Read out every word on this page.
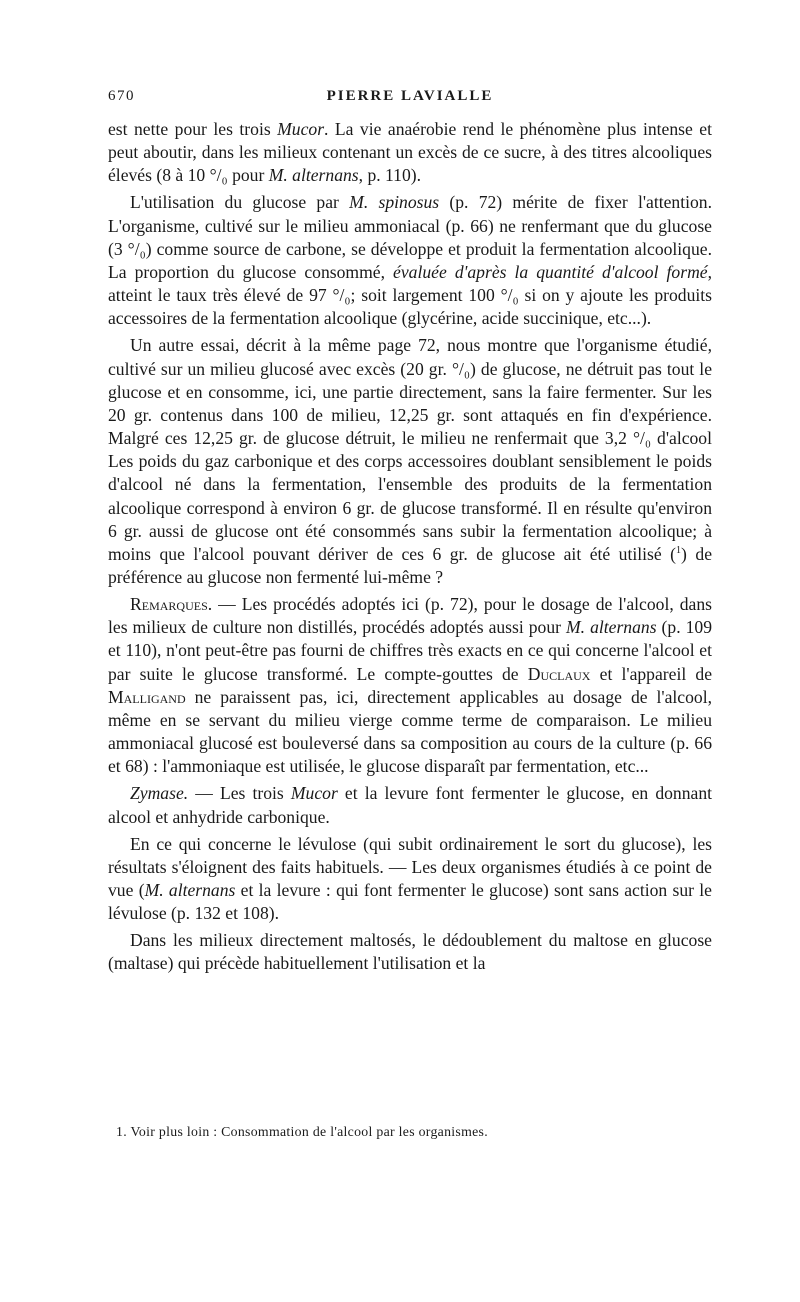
670	PIERRE LAVIALLE

est nette pour les trois Mucor. La vie anaérobie rend le phénomène plus intense et peut aboutir, dans les milieux contenant un excès de ce sucre, à des titres alcooliques élevés (8 à 10 °/₀ pour M. alternans, p. 110).

L'utilisation du glucose par M. spinosus (p. 72) mérite de fixer l'attention. L'organisme, cultivé sur le milieu ammoniacal (p. 66) ne renfermant que du glucose (3 °/₀) comme source de carbone, se développe et produit la fermentation alcoolique. La proportion du glucose consommé, évaluée d'après la quantité d'alcool formé, atteint le taux très élevé de 97 °/₀; soit largement 100 °/₀ si on y ajoute les produits accessoires de la fermentation alcoolique (glycérine, acide succinique, etc...).

Un autre essai, décrit à la même page 72, nous montre que l'organisme étudié, cultivé sur un milieu glucosé avec excès (20 gr. °/₀) de glucose, ne détruit pas tout le glucose et en consomme, ici, une partie directement, sans la faire fermenter. Sur les 20 gr. contenus dans 100 de milieu, 12,25 gr. sont attaqués en fin d'expérience. Malgré ces 12,25 gr. de glucose détruit, le milieu ne renfermait que 3,2 °/₀ d'alcool Les poids du gaz carbonique et des corps accessoires doublant sensiblement le poids d'alcool né dans la fermentation, l'ensemble des produits de la fermentation alcoolique correspond à environ 6 gr. de glucose transformé. Il en résulte qu'environ 6 gr. aussi de glucose ont été consommés sans subir la fermentation alcoolique; à moins que l'alcool pouvant dériver de ces 6 gr. de glucose ait été utilisé ($^1$) de préférence au glucose non fermenté lui-même ?

Remarques. — Les procédés adoptés ici (p. 72), pour le dosage de l'alcool, dans les milieux de culture non distillés, procédés adoptés aussi pour M. alternans (p. 109 et 110), n'ont peut-être pas fourni de chiffres très exacts en ce qui concerne l'alcool et par suite le glucose transformé. Le compte-gouttes de Duclaux et l'appareil de Malligand ne paraissent pas, ici, directement applicables au dosage de l'alcool, même en se servant du milieu vierge comme terme de comparaison. Le milieu ammoniacal glucosé est bouleversé dans sa composition au cours de la culture (p. 66 et 68) : l'ammoniaque est utilisée, le glucose disparaît par fermentation, etc...

Zymase. — Les trois Mucor et la levure font fermenter le glucose, en donnant alcool et anhydride carbonique.

En ce qui concerne le lévulose (qui subit ordinairement le sort du glucose), les résultats s'éloignent des faits habituels. — Les deux organismes étudiés à ce point de vue (M. alternans et la levure : qui font fermenter le glucose) sont sans action sur le lévulose (p. 132 et 108).

Dans les milieux directement maltosés, le dédoublement du maltose en glucose (maltase) qui précède habituellement l'utilisation et la

1. Voir plus loin : Consommation de l'alcool par les organismes.
